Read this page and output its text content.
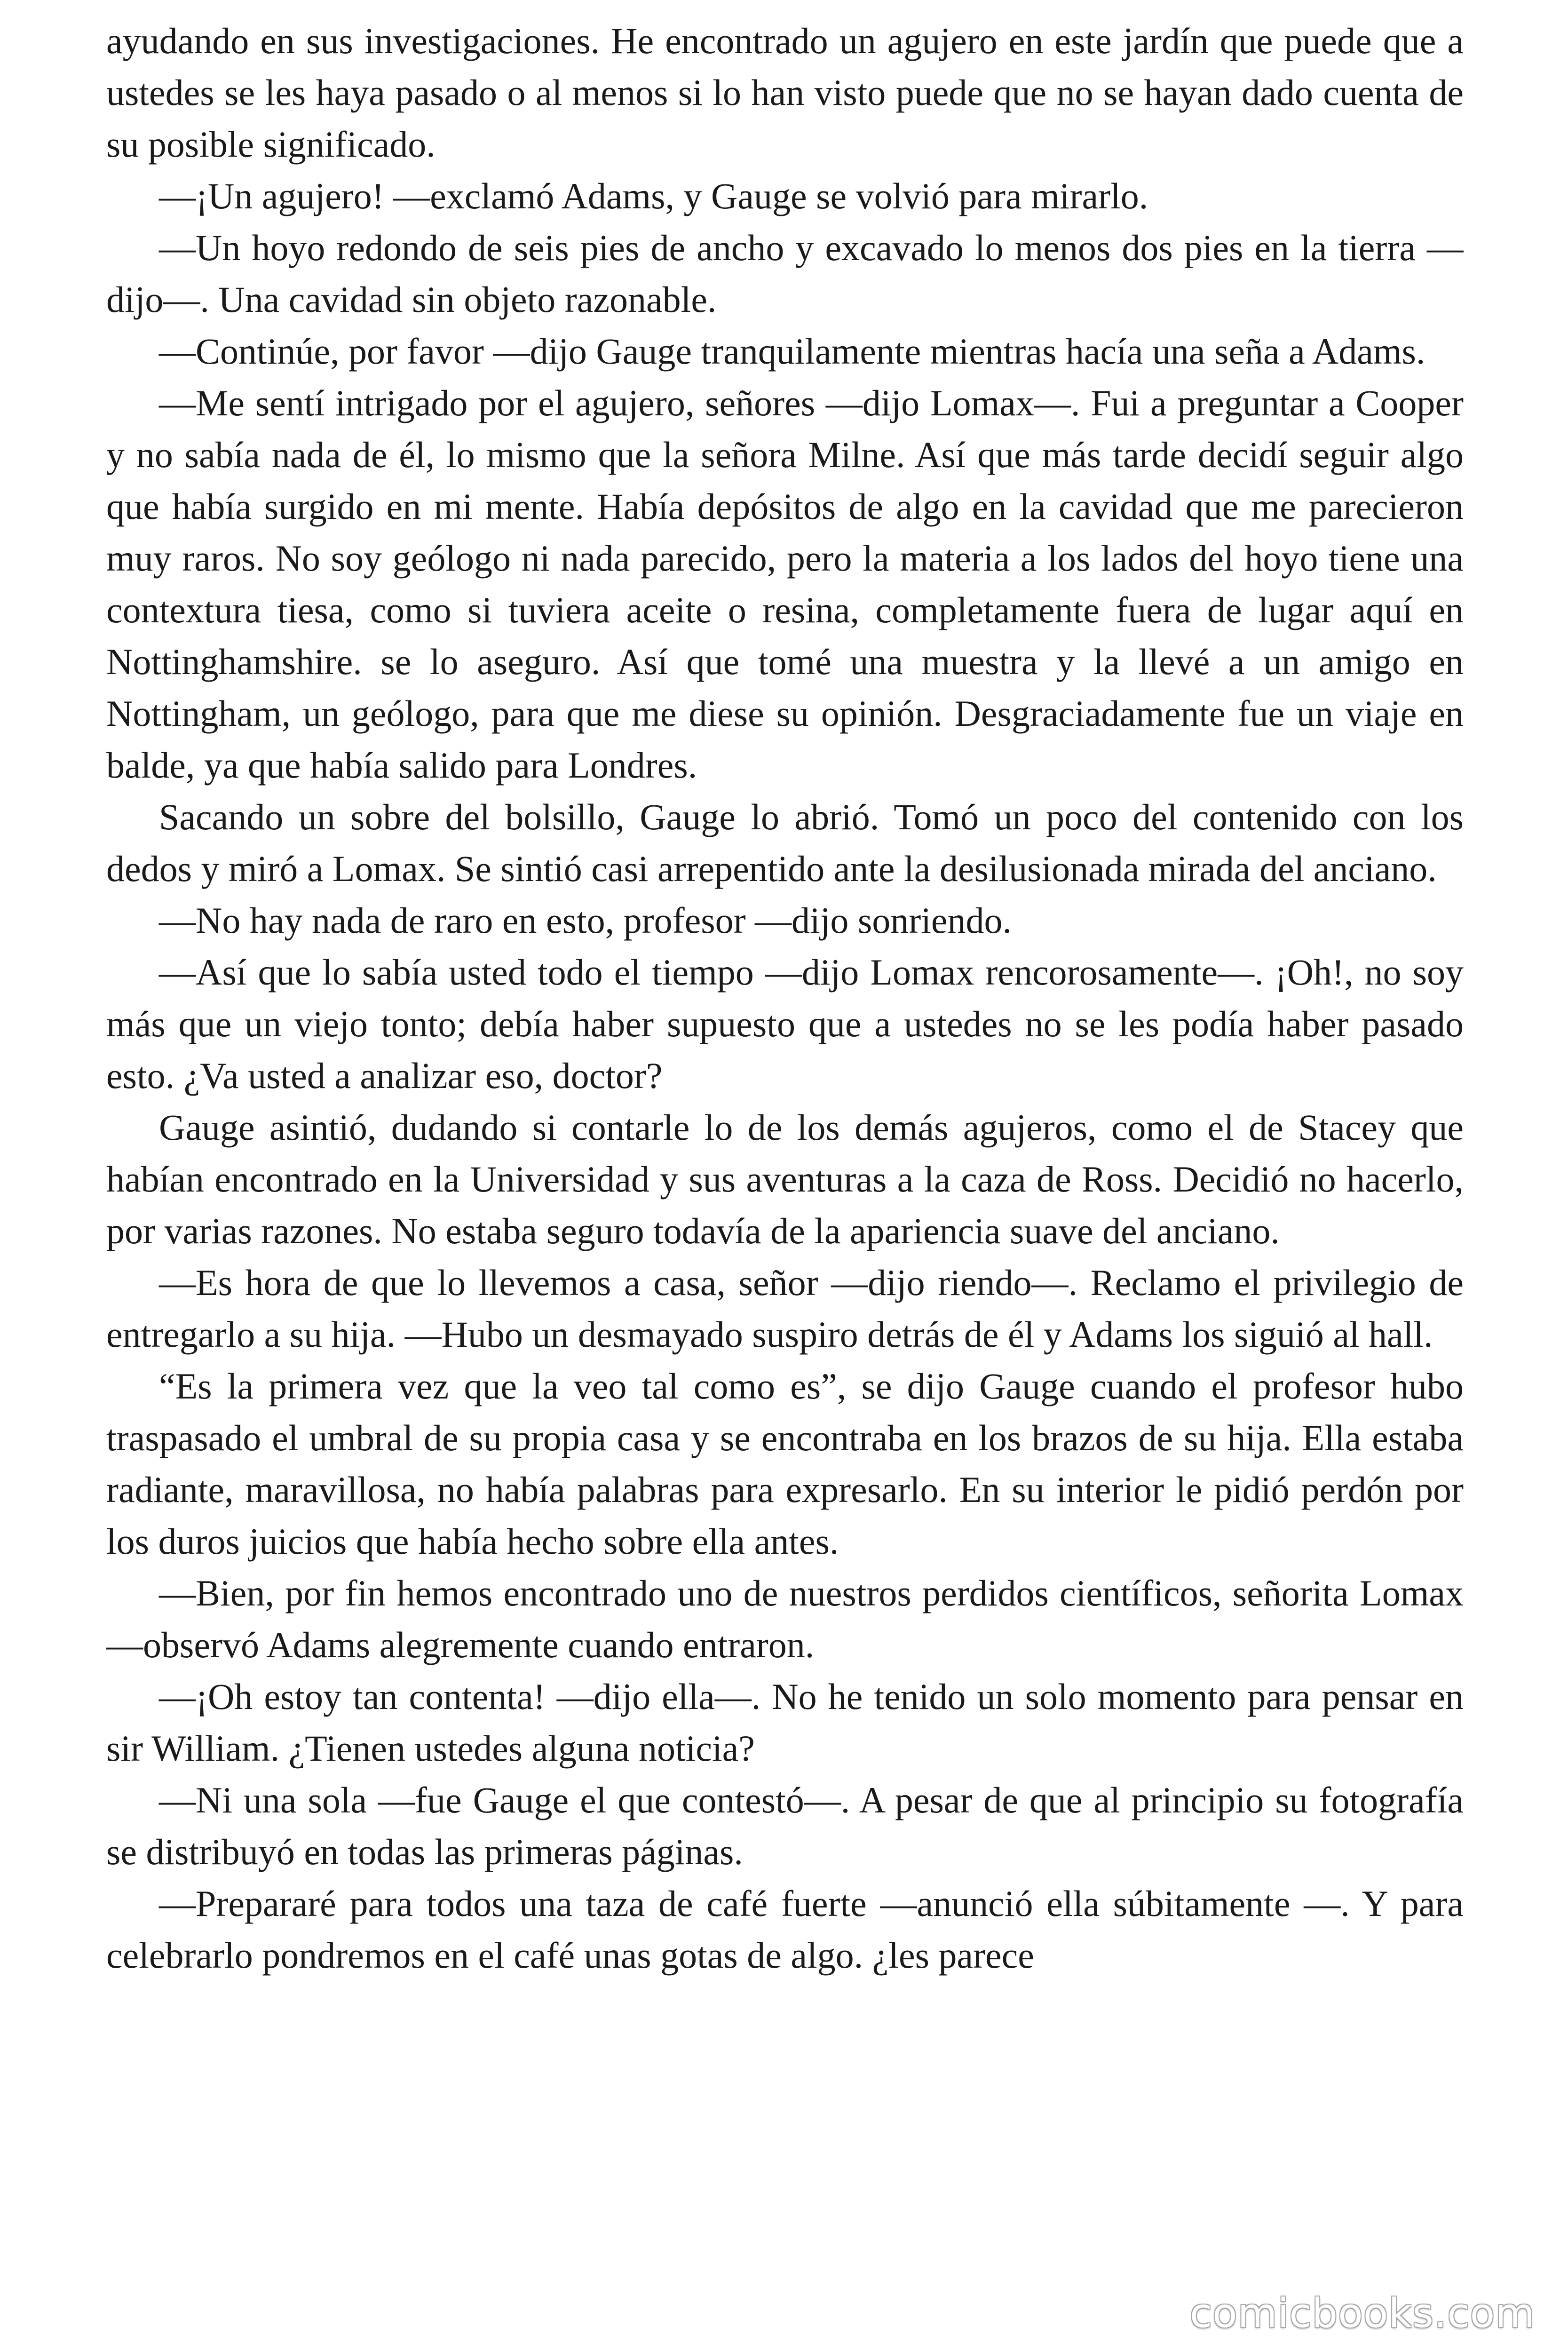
ayudando en sus investigaciones. He encontrado un agujero en este jardín que puede que a ustedes se les haya pasado o al menos si lo han visto puede que no se hayan dado cuenta de su posible significado.

—¡Un agujero! —exclamó Adams, y Gauge se volvió para mirarlo.

—Un hoyo redondo de seis pies de ancho y excavado lo menos dos pies en la tierra —dijo—. Una cavidad sin objeto razonable.

—Continúe, por favor —dijo Gauge tranquilamente mientras hacía una seña a Adams.

—Me sentí intrigado por el agujero, señores —dijo Lomax—. Fui a preguntar a Cooper y no sabía nada de él, lo mismo que la señora Milne. Así que más tarde decidí seguir algo que había surgido en mi mente. Había depósitos de algo en la cavidad que me parecieron muy raros. No soy geólogo ni nada parecido, pero la materia a los lados del hoyo tiene una contextura tiesa, como si tuviera aceite o resina, completamente fuera de lugar aquí en Nottinghamshire. se lo aseguro. Así que tomé una muestra y la llevé a un amigo en Nottingham, un geólogo, para que me diese su opinión. Desgraciadamente fue un viaje en balde, ya que había salido para Londres.

Sacando un sobre del bolsillo, Gauge lo abrió. Tomó un poco del contenido con los dedos y miró a Lomax. Se sintió casi arrepentido ante la desilusionada mirada del anciano.

—No hay nada de raro en esto, profesor —dijo sonriendo.

—Así que lo sabía usted todo el tiempo —dijo Lomax rencorosamente—. ¡Oh!, no soy más que un viejo tonto; debía haber supuesto que a ustedes no se les podía haber pasado esto. ¿Va usted a analizar eso, doctor?

Gauge asintió, dudando si contarle lo de los demás agujeros, como el de Stacey que habían encontrado en la Universidad y sus aventuras a la caza de Ross. Decidió no hacerlo, por varias razones. No estaba seguro todavía de la apariencia suave del anciano.

—Es hora de que lo llevemos a casa, señor —dijo riendo—. Reclamo el privilegio de entregarlo a su hija. —Hubo un desmayado suspiro detrás de él y Adams los siguió al hall.

“Es la primera vez que la veo tal como es”, se dijo Gauge cuando el profesor hubo traspasado el umbral de su propia casa y se encontraba en los brazos de su hija. Ella estaba radiante, maravillosa, no había palabras para expresarlo. En su interior le pidió perdón por los duros juicios que había hecho sobre ella antes.

—Bien, por fin hemos encontrado uno de nuestros perdidos científicos, señorita Lomax —observó Adams alegremente cuando entraron.

—¡Oh estoy tan contenta! —dijo ella—. No he tenido un solo momento para pensar en sir William. ¿Tienen ustedes alguna noticia?

—Ni una sola —fue Gauge el que contestó—. A pesar de que al principio su fotografía se distribuyó en todas las primeras páginas.

—Prepararé para todos una taza de café fuerte —anunció ella súbitamente —. Y para celebrarlo pondremos en el café unas gotas de algo. ¿les parece

comicbooks.com
